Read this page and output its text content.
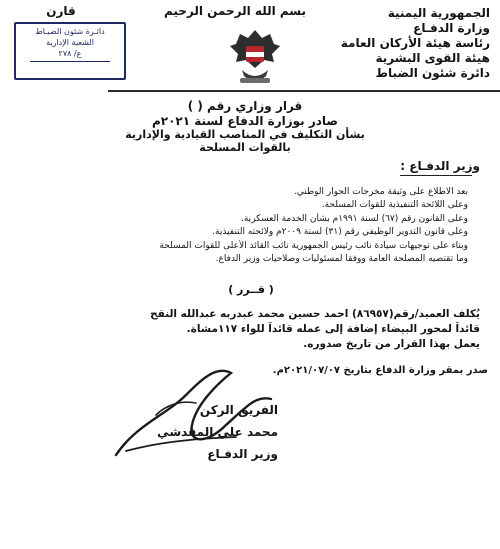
قارن
دائـرة شئون الضبـاط
الشعبة الإدارية
ع/ ٢٧٨
بسم الله الرحمن الرحيم	الجمهورية اليمنية
وزارة الدفـاع
رئاسة هيئة الأركان العامة
هيئة القوى البشرية
دائرة شئون الضباط
قرار وزاري رقم ( )
صادر بوزارة الدفاع لسنة ٢٠٢١م
بشأن التكليف في المناصب القيادية والإدارية بالقوات المسلحة
وزير الدفـاع :
بعد الاطلاع على وثيقة مخرجات الحوار الوطني.
وعلى اللائحة التنفيذية للقوات المسلحة.
وعلى القانون رقم (٦٧) لسنة ١٩٩١م بشأن الخدمة العسكرية.
وعلى قانون التدوير الوظيفي رقم (٣١) لسنة ٢٠٠٩م ولائحته التنفيذية.
وبناء على توجيهات سيادة نائب رئيس الجمهورية نائب القائد الأعلى للقوات المسلحة
وما تقتضيه المصلحة العامة ووفقا لمسئوليات وصلاحيات وزير الدفاع.
( قــرر )
يُكلف العميد/رقم(٨٦٩٥٧) احمد حسين محمد عبدربه عبدالله النقح
قائداً لمحور البيضاء إضافة إلى عمله قائداً للواء ١١٧مشاة.
يعمل بهذا القرار من تاريخ صدوره.
صدر بمقر وزارة الدفاع بتاريخ ٢٠٢١/٠٧/٠٧م.
الفريق الركن
محمد علي المقدشي
وزير الدفـاع
